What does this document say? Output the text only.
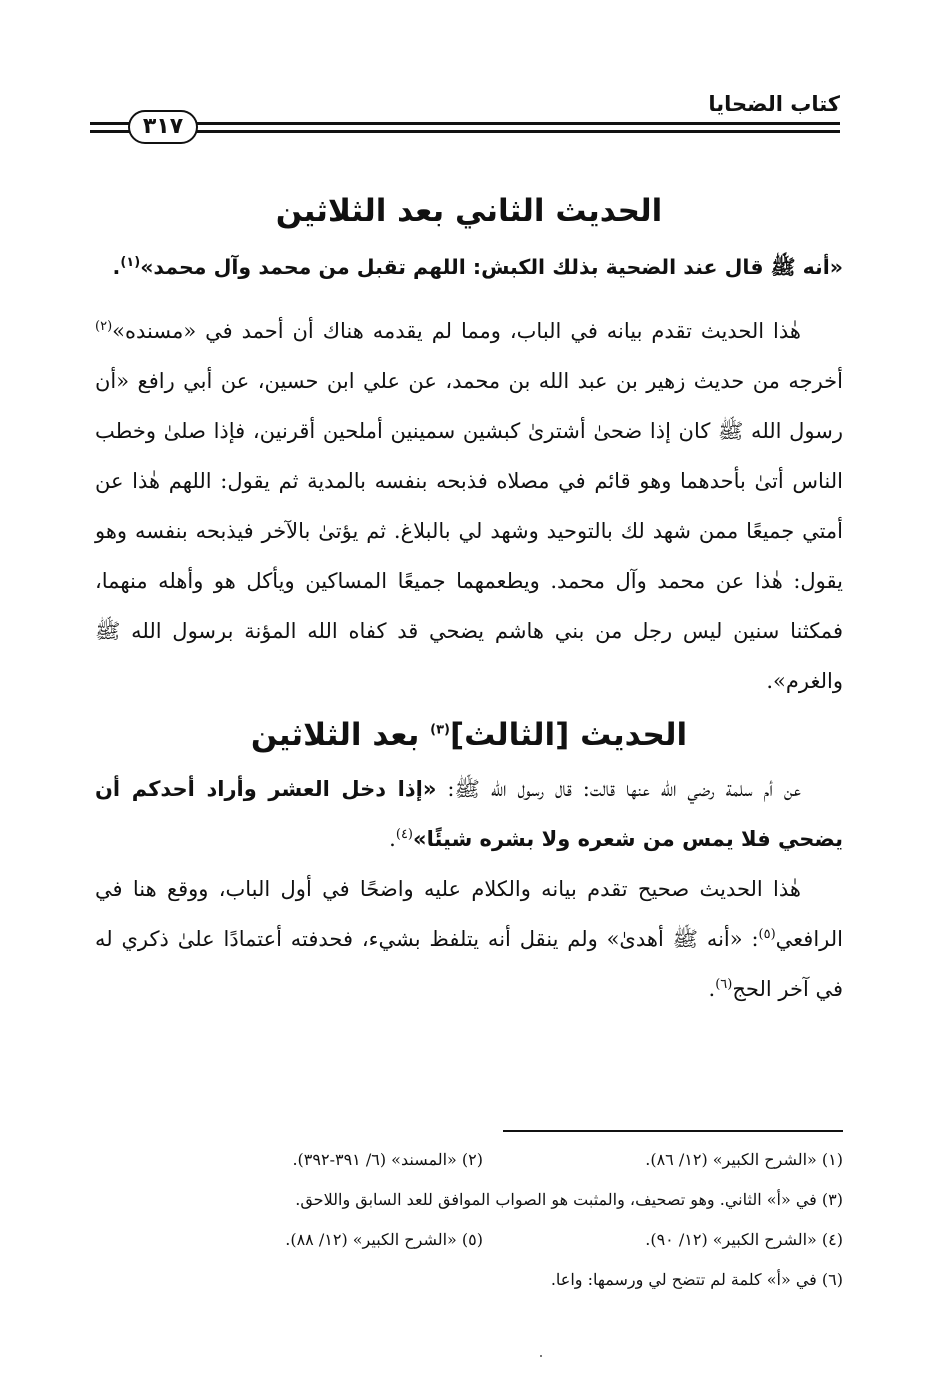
كتاب الضحايا
٣١٧
الحديث الثاني بعد الثلاثين

«أنه ﷺ قال عند الضحية بذلك الكبش: اللهم تقبل من محمد وآل محمد»$^{(١)}$.

هٰذا الحديث تقدم بيانه في الباب، ومما لم يقدمه هناك أن أحمد في «مسنده»$^{(٢)}$ أخرجه من حديث زهير بن عبد الله بن محمد، عن علي ابن حسين، عن أبي رافع «أن رسول الله ﷺ كان إذا ضحىٰ أشترىٰ كبشين سمينين أملحين أقرنين، فإذا صلىٰ وخطب الناس أتىٰ بأحدهما وهو قائم في مصلاه فذبحه بنفسه بالمدية ثم يقول: اللهم هٰذا عن أمتي جميعًا ممن شهد لك بالتوحيد وشهد لي بالبلاغ. ثم يؤتىٰ بالآخر فيذبحه بنفسه وهو يقول: هٰذا عن محمد وآل محمد. ويطعمهما جميعًا المساكين ويأكل هو وأهله منهما، فمكثنا سنين ليس رجل من بني هاشم يضحي قد كفاه الله المؤنة برسول الله ﷺ والغرم».

الحديث [الثالث]$^{(٣)}$ بعد الثلاثين

عن أم سلمة رضي الله عنها قالت: قال رسول الله ﷺ: «إذا دخل العشر وأراد أحدكم أن يضحي فلا يمس من شعره ولا بشره شيئًا»$^{(٤)}$.

هٰذا الحديث صحيح تقدم بيانه والكلام عليه واضحًا في أول الباب، ووقع هنا في الرافعي$^{(٥)}$: «أنه ﷺ أهدىٰ» ولم ينقل أنه يتلفظ بشيء، فحدفته أعتمادًا علىٰ ذكري له في آخر الحج$^{(٦)}$.

(١) «الشرح الكبير» (١٢/ ٨٦).(٢) «المسند» (٦/ ٣٩١-٣٩٢).
(٣) في «أ» الثاني. وهو تصحيف، والمثبت هو الصواب الموافق للعد السابق واللاحق.
(٤) «الشرح الكبير» (١٢/ ٩٠).(٥) «الشرح الكبير» (١٢/ ٨٨).
(٦) في «أ» كلمة لم تتضح لي ورسمها: واعا.
